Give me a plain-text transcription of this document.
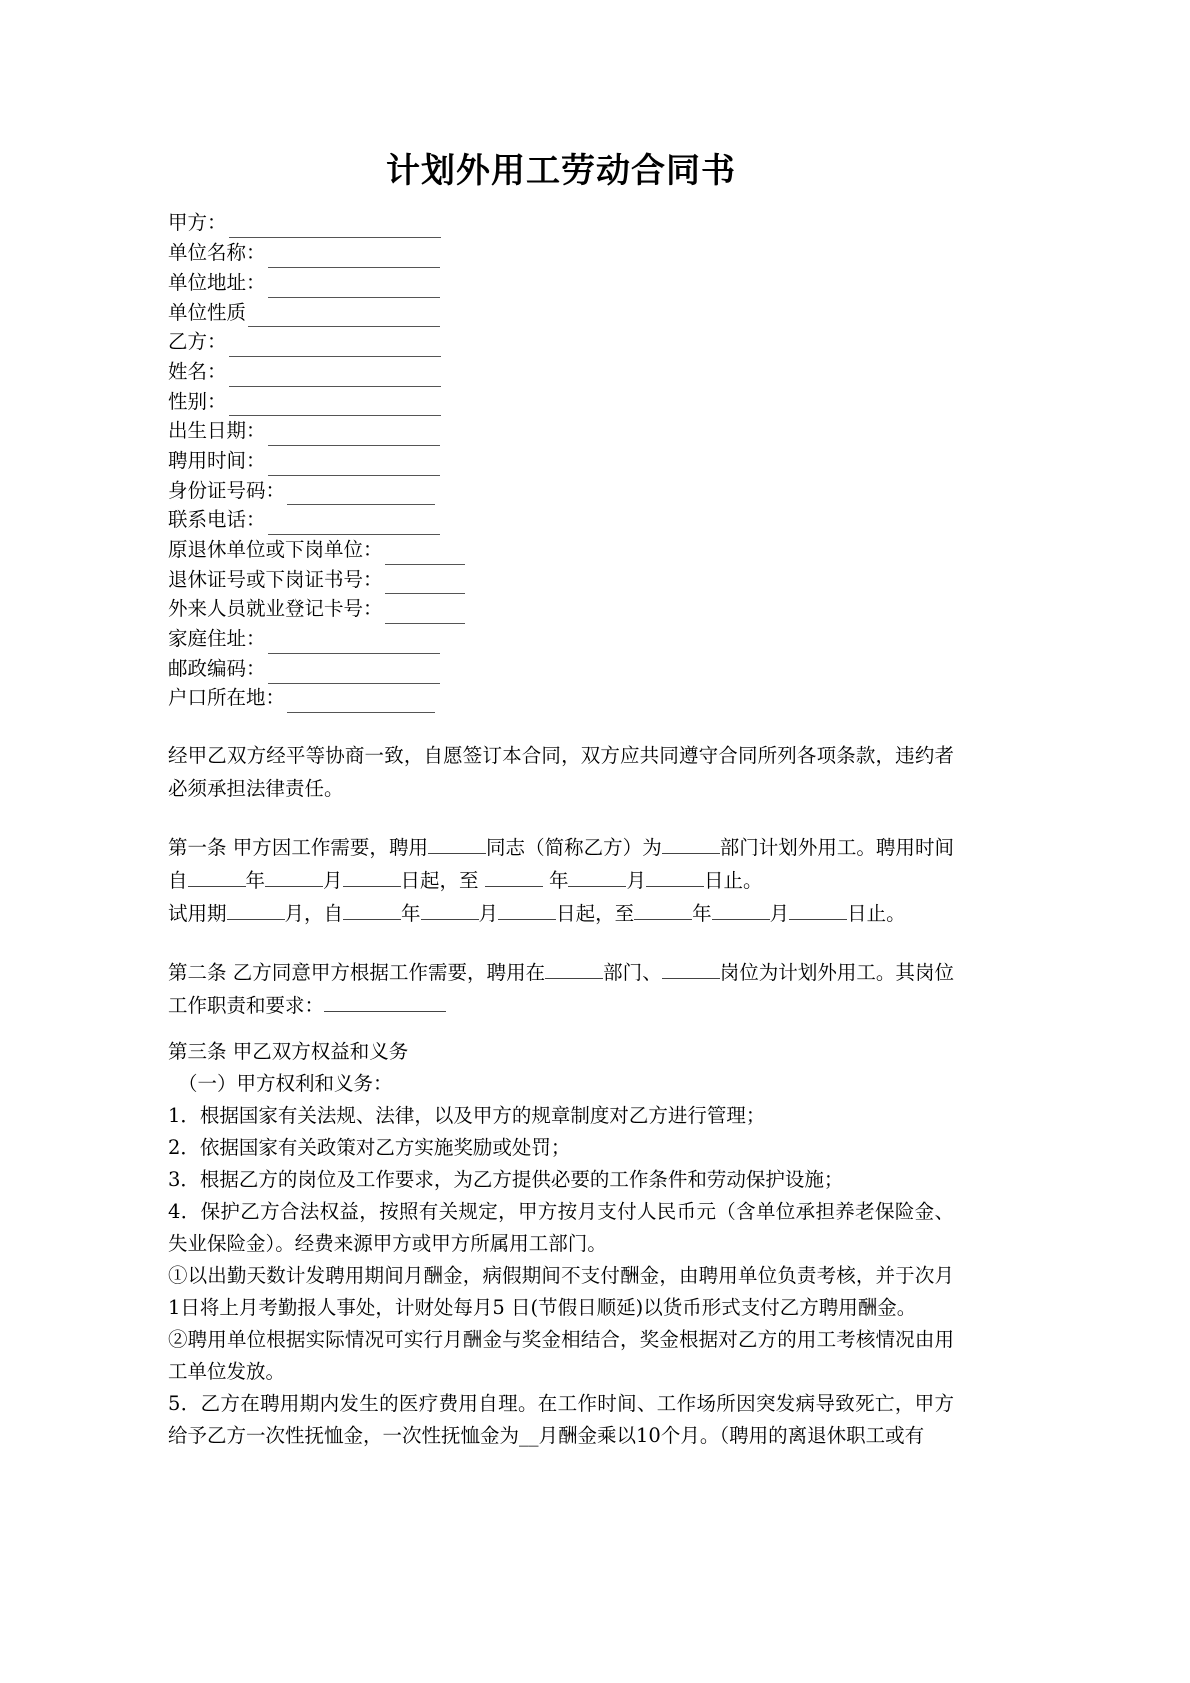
计划外用工劳动合同书
甲方：
单位名称：
单位地址：
单位性质
乙方：
姓名：
性别：
出生日期：
聘用时间：
身份证号码：
联系电话：
原退休单位或下岗单位：
退休证号或下岗证书号：
外来人员就业登记卡号：
家庭住址：
邮政编码：
户口所在地：

经甲乙双方经平等协商一致，自愿签订本合同，双方应共同遵守合同所列各项条款，违约者必须承担法律责任。

第一条 甲方因工作需要，聘用	同志（简称乙方）为	部门计划外用工。聘用时间自	年	月	日起，至	年	月	日止。

试用期	月，自	年	月	日起，至	年	月	日止。

第二条 乙方同意甲方根据工作需要，聘用在	部门、	岗位为计划外用工。其岗位工作职责和要求：

第三条 甲乙双方权益和义务

（一）甲方权利和义务：

1．根据国家有关法规、法律，以及甲方的规章制度对乙方进行管理；

2．依据国家有关政策对乙方实施奖励或处罚；

3．根据乙方的岗位及工作要求，为乙方提供必要的工作条件和劳动保护设施；

4．保护乙方合法权益，按照有关规定，甲方按月支付人民币元（含单位承担养老保险金、失业保险金）。经费来源甲方或甲方所属用工部门。

①以出勤天数计发聘用期间月酬金，病假期间不支付酬金，由聘用单位负责考核，并于次月1日将上月考勤报人事处，计财处每月5 日(节假日顺延)以货币形式支付乙方聘用酬金。

②聘用单位根据实际情况可实行月酬金与奖金相结合，奖金根据对乙方的用工考核情况由用工单位发放。

5．乙方在聘用期内发生的医疗费用自理。在工作时间、工作场所因突发病导致死亡，甲方给予乙方一次性抚恤金，一次性抚恤金为__月酬金乘以10个月。（聘用的离退休职工或有
